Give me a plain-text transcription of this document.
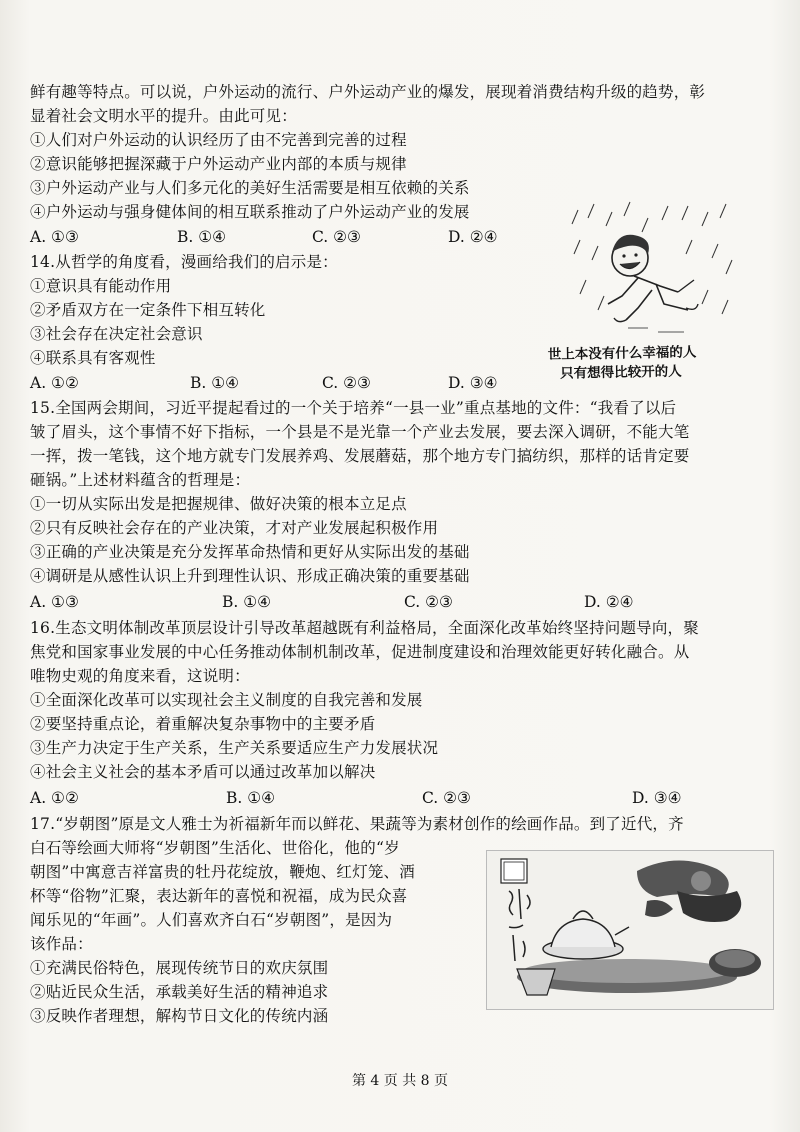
鲜有趣等特点。可以说，户外运动的流行、户外运动产业的爆发，展现着消费结构升级的趋势，彰
显着社会文明水平的提升。由此可见：
①人们对户外运动的认识经历了由不完善到完善的过程
②意识能够把握深藏于户外运动产业内部的本质与规律
③户外运动产业与人们多元化的美好生活需要是相互依赖的关系
④户外运动与强身健体间的相互联系推动了户外运动产业的发展
A. ①③	B. ①④	C. ②③	D. ②④
14.从哲学的角度看，漫画给我们的启示是：
①意识具有能动作用
②矛盾双方在一定条件下相互转化
③社会存在决定社会意识
④联系具有客观性
A. ①②	B. ①④	C. ②③	D. ③④
世上本没有什么幸福的人
只有想得比较开的人
15.全国两会期间，习近平提起看过的一个关于培养“一县一业”重点基地的文件：“我看了以后
皱了眉头，这个事情不好下指标，一个县是不是光靠一个产业去发展，要去深入调研，不能大笔
一挥，拨一笔钱，这个地方就专门发展养鸡、发展蘑菇，那个地方专门搞纺织，那样的话肯定要
砸锅。”上述材料蕴含的哲理是：
①一切从实际出发是把握规律、做好决策的根本立足点
②只有反映社会存在的产业决策，才对产业发展起积极作用
③正确的产业决策是充分发挥革命热情和更好从实际出发的基础
④调研是从感性认识上升到理性认识、形成正确决策的重要基础
A. ①③	B. ①④	C. ②③	D. ②④
16.生态文明体制改革顶层设计引导改革超越既有利益格局，全面深化改革始终坚持问题导向，聚
焦党和国家事业发展的中心任务推动体制机制改革，促进制度建设和治理效能更好转化融合。从
唯物史观的角度来看，这说明：
①全面深化改革可以实现社会主义制度的自我完善和发展
②要坚持重点论，着重解决复杂事物中的主要矛盾
③生产力决定于生产关系，生产关系要适应生产力发展状况
④社会主义社会的基本矛盾可以通过改革加以解决
A. ①②	B. ①④	C. ②③	D. ③④
17.“岁朝图”原是文人雅士为祈福新年而以鲜花、果蔬等为素材创作的绘画作品。到了近代，齐
白石等绘画大师将“岁朝图”生活化、世俗化，他的“岁
朝图”中寓意吉祥富贵的牡丹花绽放，鞭炮、红灯笼、酒
杯等“俗物”汇聚，表达新年的喜悦和祝福，成为民众喜
闻乐见的“年画”。人们喜欢齐白石“岁朝图”，是因为
该作品：
①充满民俗特色，展现传统节日的欢庆氛围
②贴近民众生活，承载美好生活的精神追求
③反映作者理想，解构节日文化的传统内涵
第 4 页 共 8 页
